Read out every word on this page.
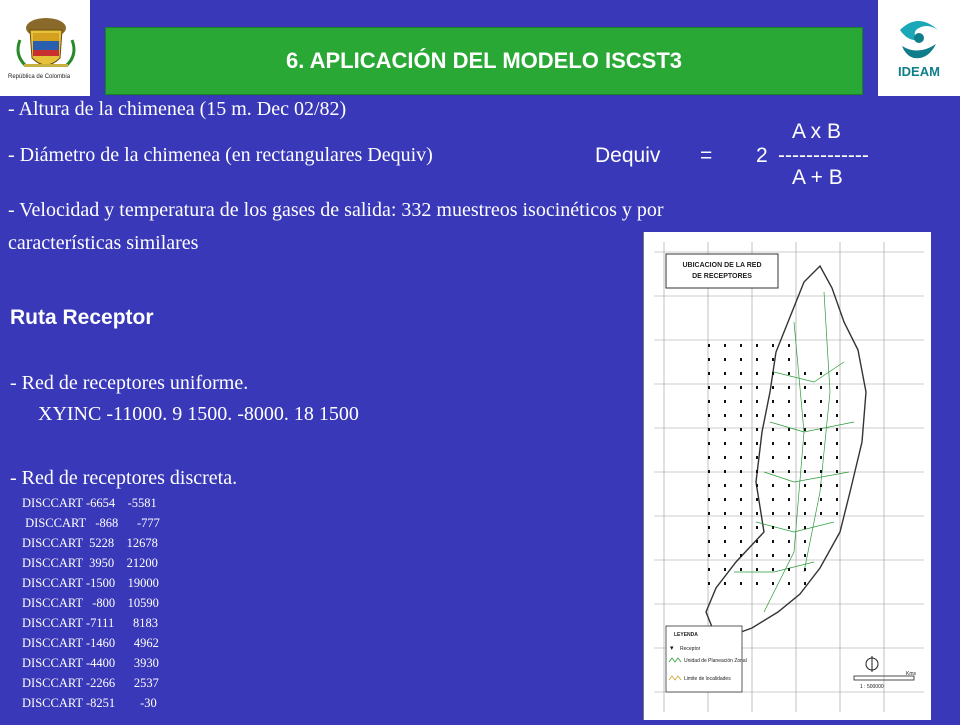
República de Colombia
6. APLICACIÓN DEL MODELO ISCST3	IDEAM
- Altura de la chimenea (15 m. Dec 02/82)
A x B
- Diámetro de la chimenea (en rectangulares Dequiv)	Dequiv = 2 -------------
A + B
- Velocidad y temperatura de los gases de salida: 332 muestreos isocinéticos y por
características similares
Ruta Receptor
- Red de receptores uniforme.
XYINC -11000. 9 1500. -8000. 18 1500
- Red de receptores discreta.
DISCCART -6654    -5581
DISCCART   -868      -777
DISCCART  5228    12678
DISCCART  3950    21200
DISCCART -1500    19000
DISCCART   -800    10590
DISCCART -7111      8183
DISCCART -1460      4962
DISCCART -4400      3930
DISCCART -2266      2537
DISCCART -8251        -30
UBICACION DE LA RED
DE RECEPTORES
LEYENDA
▾ Receptor
Unidad de Planeación Zonal
Limite de localidades
Kms
1 : 500000
